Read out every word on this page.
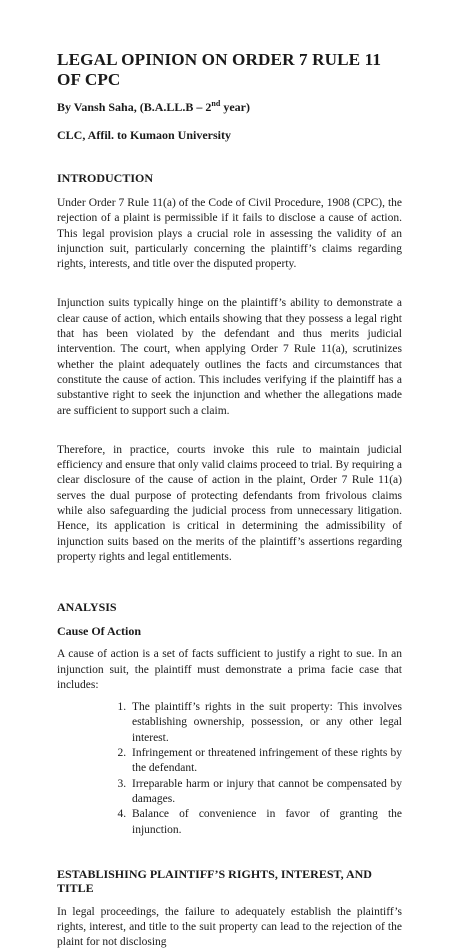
LEGAL OPINION ON ORDER 7 RULE 11 OF CPC

By Vansh Saha, (B.A.LL.B – 2nd year)

CLC, Affil. to Kumaon University

INTRODUCTION

Under Order 7 Rule 11(a) of the Code of Civil Procedure, 1908 (CPC), the rejection of a plaint is permissible if it fails to disclose a cause of action. This legal provision plays a crucial role in assessing the validity of an injunction suit, particularly concerning the plaintiff’s claims regarding rights, interests, and title over the disputed property.

Injunction suits typically hinge on the plaintiff’s ability to demonstrate a clear cause of action, which entails showing that they possess a legal right that has been violated by the defendant and thus merits judicial intervention. The court, when applying Order 7 Rule 11(a), scrutinizes whether the plaint adequately outlines the facts and circumstances that constitute the cause of action. This includes verifying if the plaintiff has a substantive right to seek the injunction and whether the allegations made are sufficient to support such a claim.

Therefore, in practice, courts invoke this rule to maintain judicial efficiency and ensure that only valid claims proceed to trial. By requiring a clear disclosure of the cause of action in the plaint, Order 7 Rule 11(a) serves the dual purpose of protecting defendants from frivolous claims while also safeguarding the judicial process from unnecessary litigation. Hence, its application is critical in determining the admissibility of injunction suits based on the merits of the plaintiff’s assertions regarding property rights and legal entitlements.

ANALYSIS
Cause Of Action

A cause of action is a set of facts sufficient to justify a right to sue. In an injunction suit, the plaintiff must demonstrate a prima facie case that includes:

1. The plaintiff’s rights in the suit property: This involves establishing ownership, possession, or any other legal interest.
2. Infringement or threatened infringement of these rights by the defendant.
3. Irreparable harm or injury that cannot be compensated by damages.
4. Balance of convenience in favor of granting the injunction.
ESTABLISHING PLAINTIFF’S RIGHTS, INTEREST, AND TITLE

In legal proceedings, the failure to adequately establish the plaintiff’s rights, interest, and title to the suit property can lead to the rejection of the plaint for not disclosing
